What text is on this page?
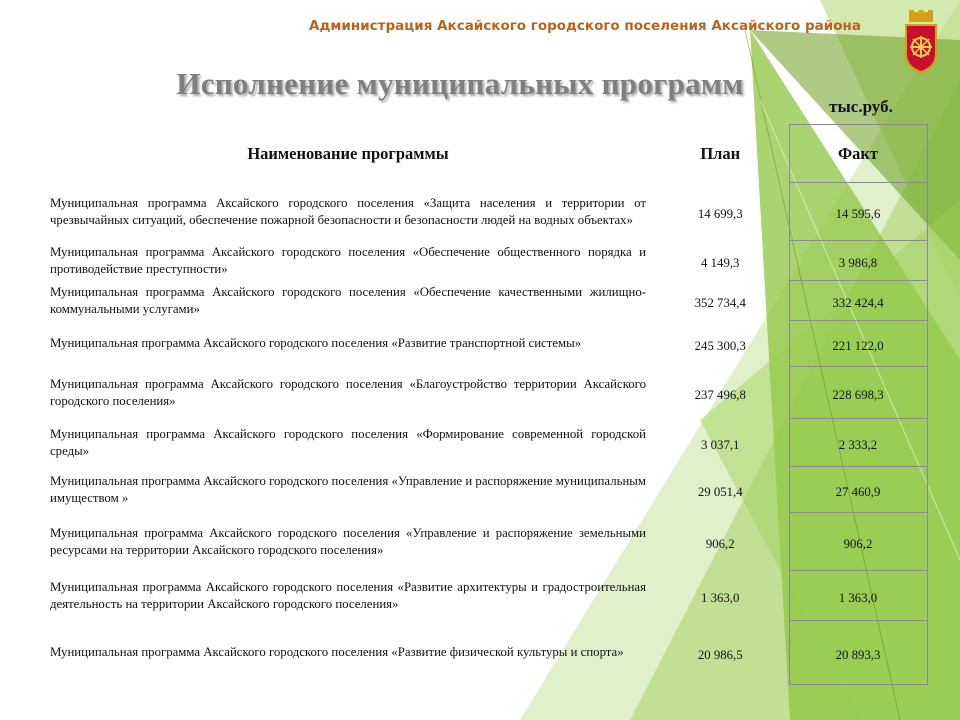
Администрация Аксайского городского поселения Аксайского района
Исполнение муниципальных программ
тыс.руб.
Наименование программы	План	Факт
Муниципальная программа Аксайского городского поселения «Защита населения и территории от чрезвычайных ситуаций, обеспечение пожарной безопасности и безопасности людей на водных объектах»	14 699,3	14 595,6
Муниципальная программа Аксайского городского поселения «Обеспечение общественного порядка и противодействие преступности»	4 149,3	3 986,8
Муниципальная программа Аксайского городского поселения «Обеспечение качественными жилищно-коммунальными услугами»	352 734,4	332 424,4
Муниципальная программа Аксайского городского поселения «Развитие транспортной системы»	245 300,3	221 122,0
Муниципальная программа Аксайского городского поселения «Благоустройство территории Аксайского городского поселения»	237 496,8	228 698,3
Муниципальная программа Аксайского городского поселения «Формирование современной городской среды»	3 037,1	2 333,2
Муниципальная программа Аксайского городского поселения «Управление и распоряжение муниципальным имуществом »	29 051,4	27 460,9
Муниципальная программа Аксайского городского поселения «Управление и распоряжение земельными ресурсами на территории Аксайского городского поселения»	906,2	906,2
Муниципальная программа Аксайского городского поселения «Развитие архитектуры и градостроительная деятельность на территории Аксайского городского поселения»	1 363,0	1 363,0
Муниципальная программа Аксайского городского поселения «Развитие физической культуры и спорта»	20 986,5	20 893,3
